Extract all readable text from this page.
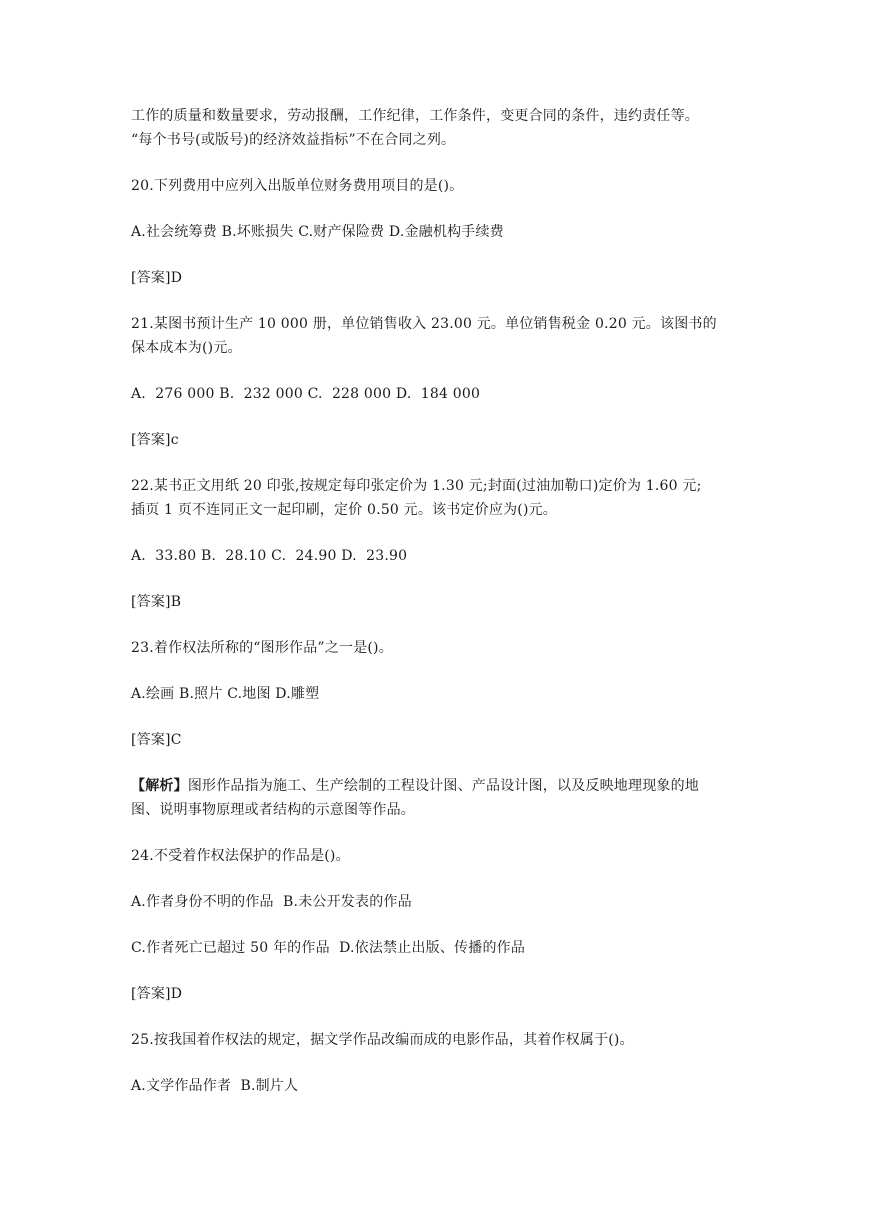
工作的质量和数量要求，劳动报酬，工作纪律，工作条件，变更合同的条件，违约责任等。

“每个书号(或版号)的经济效益指标”不在合同之列。

20.下列费用中应列入出版单位财务费用项目的是()。

A.社会统筹费 B.坏账损失 C.财产保险费 D.金融机构手续费

[答案]D

21.某图书预计生产 10 000 册，单位销售收入 23.00 元。单位销售税金 0.20 元。该图书的

保本成本为()元。

A.  276 000 B.  232 000 C.  228 000 D.  184 000

[答案]c

22.某书正文用纸 20 印张,按规定每印张定价为 1.30 元;封面(过油加勒口)定价为 1.60 元;

插页 1 页不连同正文一起印刷，定价 0.50 元。该书定价应为()元。

A.  33.80 B.  28.10 C.  24.90 D.  23.90

[答案]B

23.着作权法所称的“图形作品”之一是()。

A.绘画 B.照片 C.地图 D.雕塑

[答案]C

【解析】图形作品指为施工、生产绘制的工程设计图、产品设计图，以及反映地理现象的地

图、说明事物原理或者结构的示意图等作品。

24.不受着作权法保护的作品是()。

A.作者身份不明的作品  B.未公开发表的作品

C.作者死亡已超过 50 年的作品  D.依法禁止出版、传播的作品

[答案]D

25.按我国着作权法的规定，据文学作品改编而成的电影作品，其着作权属于()。

A.文学作品作者  B.制片人
